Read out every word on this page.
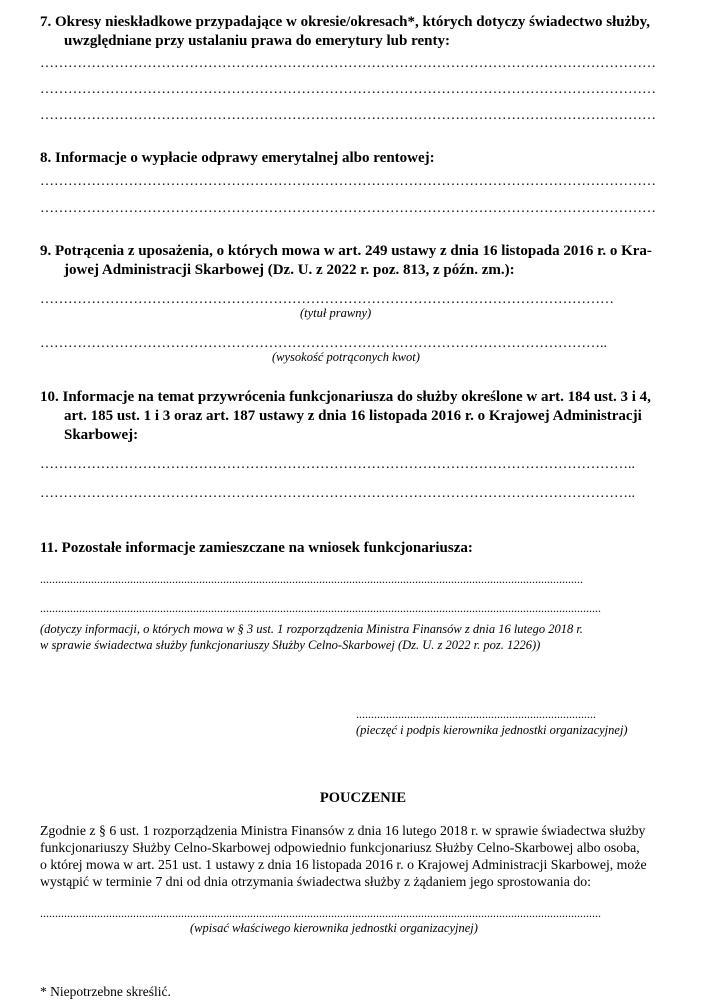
7. Okresy nieskładkowe przypadające w okresie/okresach*, których dotyczy świadectwo służby,
uwzględniane przy ustalaniu prawa do emerytury lub renty:
……………………………………………………………………………………………………………………
……………………………………………………………………………………………………………………
……………………………………………………………………………………………………………………
8. Informacje o wypłacie odprawy emerytalnej albo rentowej:
……………………………………………………………………………………………………………………
……………………………………………………………………………………………………………………
9. Potrącenia z uposażenia, o których mowa w art. 249 ustawy z dnia 16 listopada 2016 r. o Kra-
jowej Administracji Skarbowej (Dz. U. z 2022 r. poz. 813, z późn. zm.):
……………………………………………………………………………………………………………
(tytuł prawny)
…………………………………………………………………………………………………………..
(wysokość potrąconych kwot)
10. Informacje na temat przywrócenia funkcjonariusza do służby określone w art. 184 ust. 3 i 4,
art. 185 ust. 1 i 3 oraz art. 187 ustawy z dnia 16 listopada 2016 r. o Krajowej Administracji
Skarbowej:
………………………………………………………………………………………………………………..
………………………………………………………………………………………………………………..
11. Pozostałe informacje zamieszczane na wniosek funkcjonariusza:
.....................................................................................................................................................................................
...........................................................................................................................................................................................
(dotyczy informacji, o których mowa w § 3 ust. 1 rozporządzenia Ministra Finansów z dnia 16 lutego 2018 r.
w sprawie świadectwa służby funkcjonariuszy Służby Celno-Skarbowej (Dz. U. z 2022 r. poz. 1226))
................................................................................
(pieczęć i podpis kierownika jednostki organizacyjnej)
POUCZENIE
Zgodnie z § 6 ust. 1 rozporządzenia Ministra Finansów z dnia 16 lutego 2018 r. w sprawie świadectwa służby
funkcjonariuszy Służby Celno-Skarbowej odpowiednio funkcjonariusz Służby Celno-Skarbowej albo osoba,
o której mowa w art. 251 ust. 1 ustawy z dnia 16 listopada 2016 r. o Krajowej Administracji Skarbowej, może
wystąpić w terminie 7 dni od dnia otrzymania świadectwa służby z żądaniem jego sprostowania do:
...........................................................................................................................................................................................
(wpisać właściwego kierownika jednostki organizacyjnej)
* Niepotrzebne skreślić.
